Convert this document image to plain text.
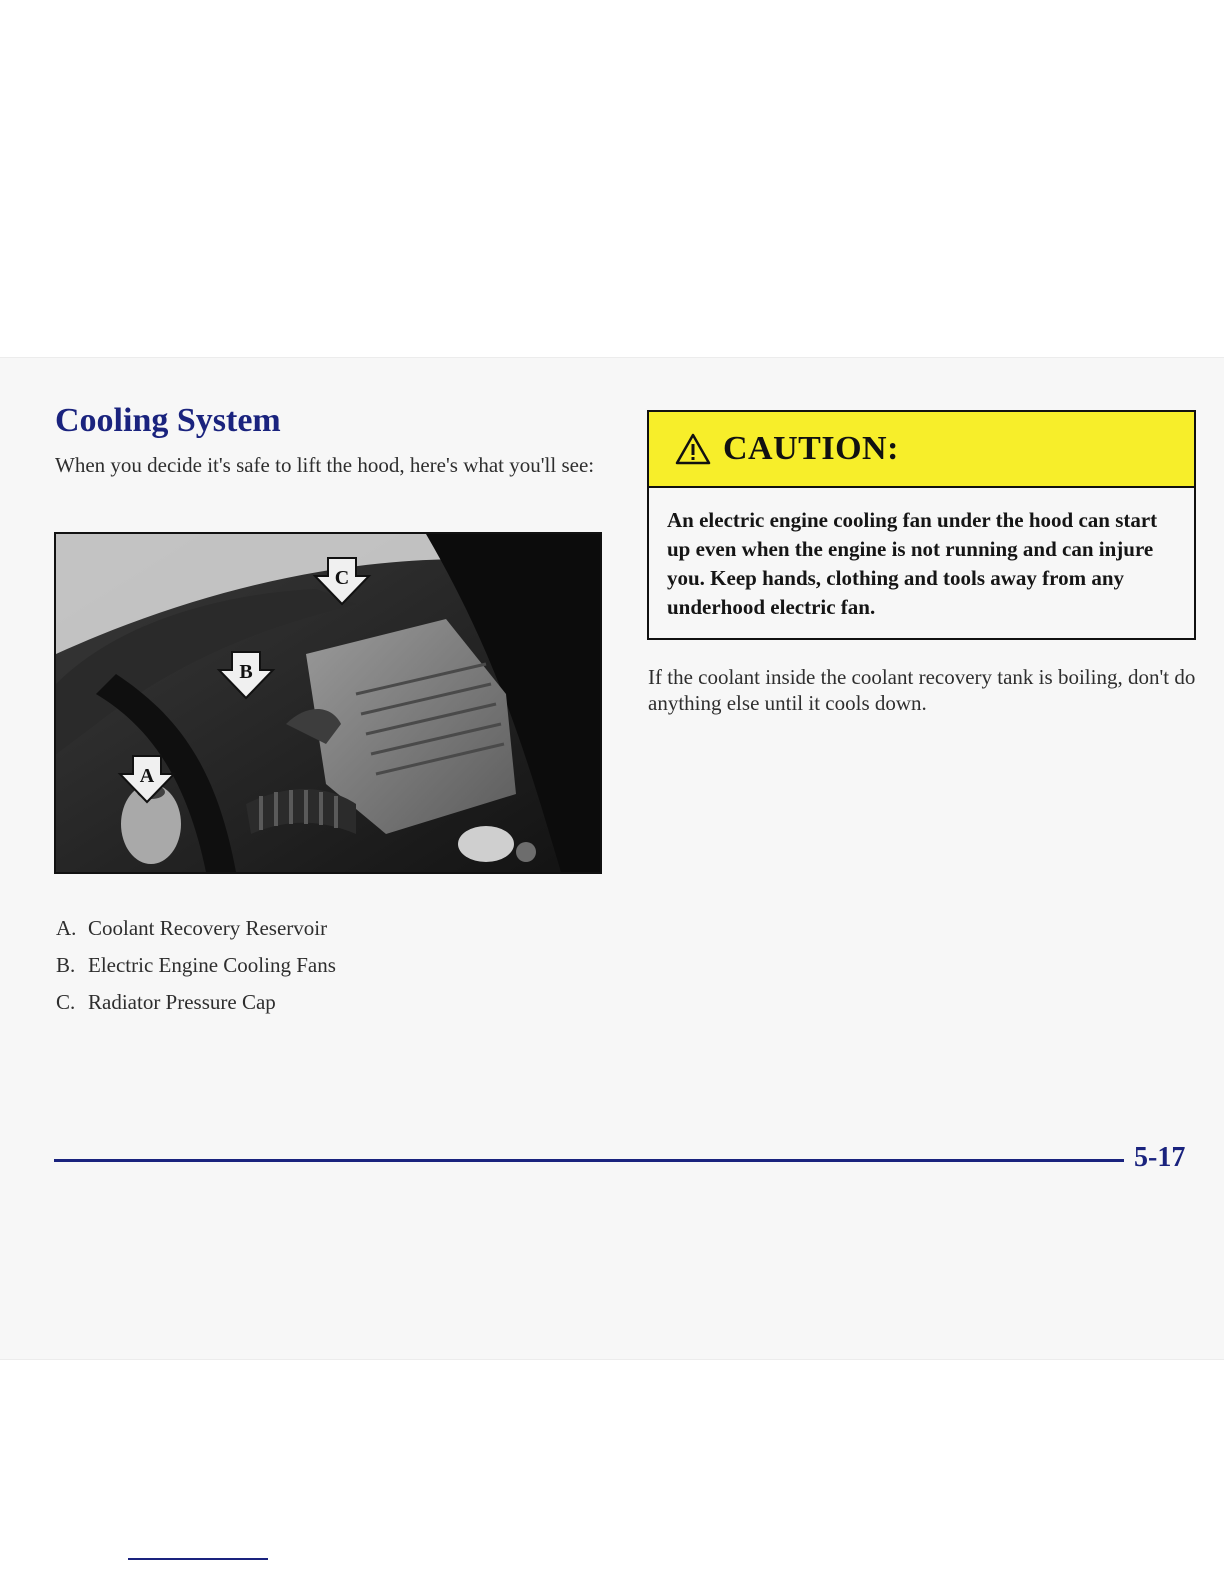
Cooling System

When you decide it's safe to lift the hood, here's what you'll see:

C
B
A
A. Coolant Recovery Reservoir
B. Electric Engine Cooling Fans
C. Radiator Pressure Cap
CAUTION:

An electric engine cooling fan under the hood can start up even when the engine is not running and can injure you. Keep hands, clothing and tools away from any underhood electric fan.

If the coolant inside the coolant recovery tank is boiling, don't do anything else until it cools down.

5-17
